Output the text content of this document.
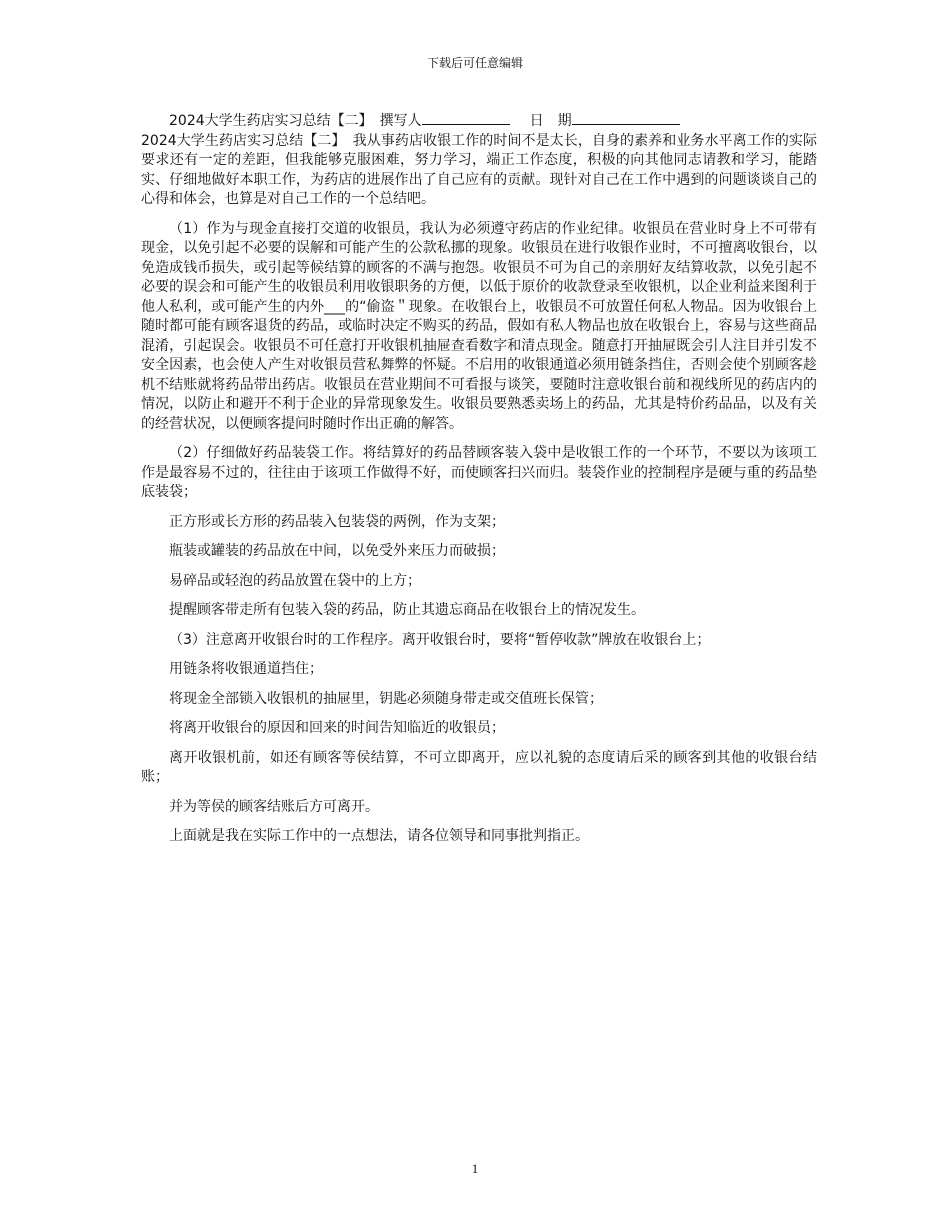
下载后可任意编辑

2024大学生药店实习总结【二】　 撰写人	日　期

2024大学生药店实习总结【二】　我从事药店收银工作的时间不是太长，自身的素养和业务水平离工作的实际要求还有一定的差距，但我能够克服困难，努力学习，端正工作态度，积极的向其他同志请教和学习，能踏实、仔细地做好本职工作，为药店的进展作出了自己应有的贡献。现针对自己在工作中遇到的问题谈谈自己的心得和体会，也算是对自己工作的一个总结吧。

（1）作为与现金直接打交道的收银员，我认为必须遵守药店的作业纪律。收银员在营业时身上不可带有现金，以免引起不必要的误解和可能产生的公款私挪的现象。收银员在进行收银作业时，不可擅离收银台，以免造成钱币损失，或引起等候结算的顾客的不满与抱怨。收银员不可为自己的亲朋好友结算收款，以免引起不必要的误会和可能产生的收银员利用收银职务的方便，以低于原价的收款登录至收银机，以企业利益来图利于他人私利，或可能产生的内外___的“偷盗＂现象。在收银台上，收银员不可放置任何私人物品。因为收银台上随时都可能有顾客退货的药品，或临时决定不购买的药品，假如有私人物品也放在收银台上，容易与这些商品混淆，引起误会。收银员不可任意打开收银机抽屉查看数字和清点现金。随意打开抽屉既会引人注目并引发不安全因素，也会使人产生对收银员营私舞弊的怀疑。不启用的收银通道必须用链条挡住，否则会使个别顾客趁机不结账就将药品带出药店。收银员在营业期间不可看报与谈笑，要随时注意收银台前和视线所见的药店内的情况，以防止和避开不利于企业的异常现象发生。收银员要熟悉卖场上的药品，尤其是特价药品品，以及有关的经营状况，以便顾客提问时随时作出正确的解答。

（2）仔细做好药品装袋工作。将结算好的药品替顾客装入袋中是收银工作的一个环节，不要以为该项工作是最容易不过的，往往由于该项工作做得不好，而使顾客扫兴而归。装袋作业的控制程序是硬与重的药品垫底装袋；

正方形或长方形的药品装入包装袋的两例，作为支架；

瓶装或罐装的药品放在中间，以免受外来压力而破损；

易碎品或轻泡的药品放置在袋中的上方；

提醒顾客带走所有包装入袋的药品，防止其遗忘商品在收银台上的情况发生。

（3）注意离开收银台时的工作程序。离开收银台时，要将“暂停收款”牌放在收银台上；

用链条将收银通道挡住；

将现金全部锁入收银机的抽屉里，钥匙必须随身带走或交值班长保管；

将离开收银台的原因和回来的时间告知临近的收银员；

离开收银机前，如还有顾客等侯结算，不可立即离开，应以礼貌的态度请后采的顾客到其他的收银台结账；

并为等侯的顾客结账后方可离开。

上面就是我在实际工作中的一点想法，请各位领导和同事批判指正。

1
